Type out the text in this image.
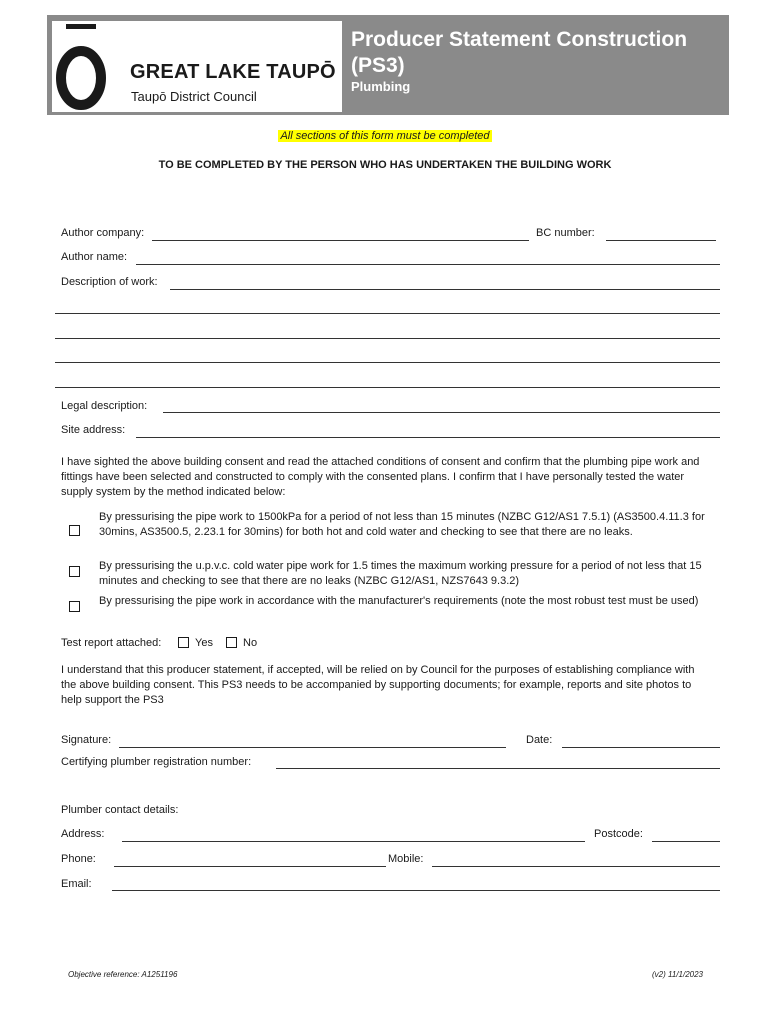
GREAT LAKE TAUPŌ
Taupō District Council
Producer Statement Construction (PS3)
Plumbing
All sections of this form must be completed
TO BE COMPLETED BY THE PERSON WHO HAS UNDERTAKEN THE BUILDING WORK
Author company:	BC number:
Author name:
Description of work:
Legal description:
Site address:
I have sighted the above building consent and read the attached conditions of consent and confirm that the plumbing pipe work and fittings have been selected and constructed to comply with the consented plans. I confirm that I have personally tested the water supply system by the method indicated below:
By pressurising the pipe work to 1500kPa for a period of not less than 15 minutes (NZBC G12/AS1 7.5.1) (AS3500.4.11.3 for 30mins, AS3500.5, 2.23.1 for 30mins) for both hot and cold water and checking to see that there are no leaks.
By pressurising the u.p.v.c. cold water pipe work for 1.5 times the maximum working pressure for a period of not less that 15 minutes and checking to see that there are no leaks (NZBC G12/AS1, NZS7643 9.3.2)
By pressurising the pipe work in accordance with the manufacturer's requirements (note the most robust test must be used)
Test report attached:	Yes	No
I understand that this producer statement, if accepted, will be relied on by Council for the purposes of establishing compliance with the above building consent. This PS3 needs to be accompanied by supporting documents; for example, reports and site photos to help support the PS3
Signature:	Date:
Certifying plumber registration number:
Plumber contact details:
Address:	Postcode:
Phone:	Mobile:
Email:
Objective reference: A1251196	(v2) 11/1/2023
